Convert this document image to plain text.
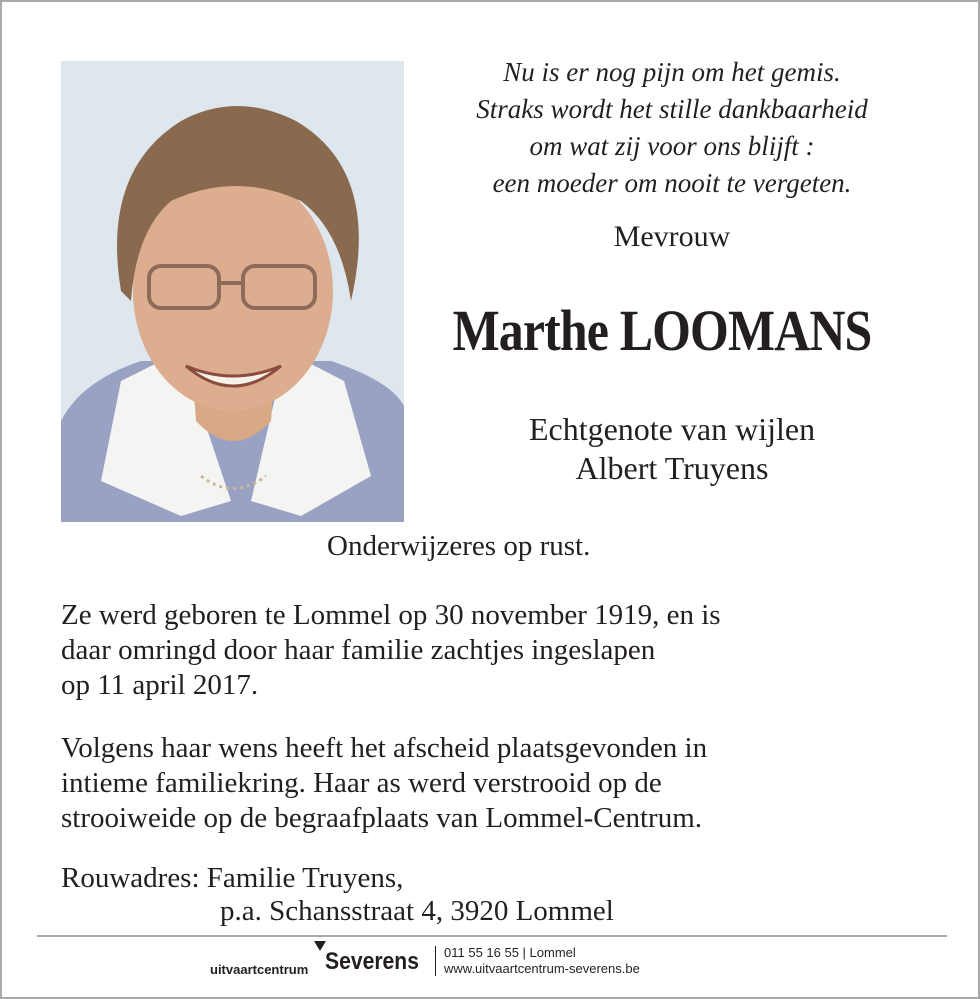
Nu is er nog pijn om het gemis.
Straks wordt het stille dankbaarheid
om wat zij voor ons blijft :
een moeder om nooit te vergeten.
Mevrouw
Marthe LOOMANS
Echtgenote van wijlen
Albert Truyens
Onderwijzeres op rust.
Ze werd geboren te Lommel op 30 november 1919, en is
daar omringd door haar familie zachtjes ingeslapen
op 11 april 2017.
Volgens haar wens heeft het afscheid plaatsgevonden in
intieme familiekring. Haar as werd verstrooid op de
strooiweide op de begraafplaats van Lommel-Centrum.
Rouwadres: Familie Truyens,
p.a. Schansstraat 4, 3920 Lommel
uitvaartcentrum Severens 011 55 16 55 | Lommel
www.uitvaartcentrum-severens.be
